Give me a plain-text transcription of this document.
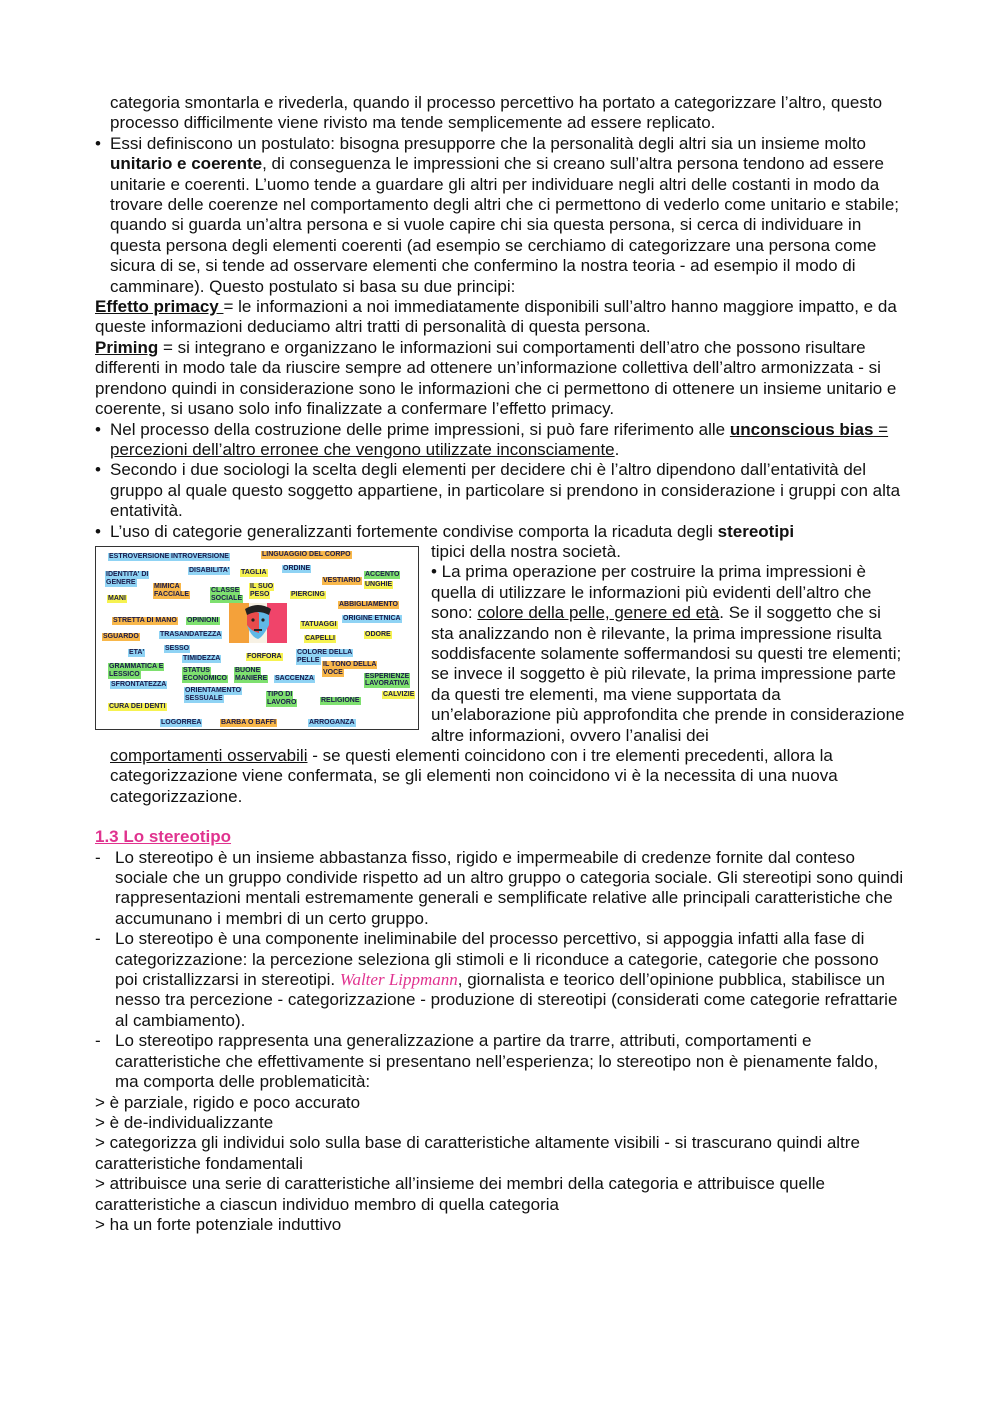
categoria smontarla e rivederla, quando il processo percettivo ha portato a categorizzare l’altro, questo processo difficilmente viene rivisto ma tende semplicemente ad essere replicato.

• Essi definiscono un postulato: bisogna presupporre che la personalità degli altri sia un insieme molto unitario e coerente, di conseguenza le impressioni che si creano sull’altra persona tendono ad essere unitarie e coerenti. L’uomo tende a guardare gli altri per individuare negli altri delle costanti in modo da trovare delle coerenze nel comportamento degli altri che ci permettono di vederlo come unitario e stabile; quando si guarda un’altra persona e si vuole capire chi sia questa persona, si cerca di individuare in questa persona degli elementi coerenti (ad esempio se cerchiamo di categorizzare una persona come sicura di se, si tende ad osservare elementi che confermino la nostra teoria - ad esempio il modo di camminare). Questo postulato si basa su due principi:

Effetto primacy = le informazioni a noi immediatamente disponibili sull’altro hanno maggiore impatto, e da queste informazioni deduciamo altri tratti di personalità di questa persona.

Priming = si integrano e organizzano le informazioni sui comportamenti dell’atro che possono risultare differenti in modo tale da riuscire sempre ad ottenere un’informazione collettiva dell’altro armonizzata - si prendono quindi in considerazione sono le informazioni che ci permettono di ottenere un insieme unitario e coerente, si usano solo info finalizzate a confermare l’effetto primacy.

• Nel processo della costruzione delle prime impressioni, si può fare riferimento alle unconscious bias = percezioni dell’altro erronee che vengono utilizzate inconsciamente.

• Secondo i due sociologi la scelta degli elementi per decidere chi è l’altro dipendono dall’entatività del gruppo al quale questo soggetto appartiene, in particolare si prendono in considerazione i gruppi con alta entatività.

• L’uso di categorie generalizzanti fortemente condivise comporta la ricaduta degli stereotipi

ESTROVERSIONE INTROVERSIONE	LINGUAGGIO DEL CORPO
IDENTITA' DI
GENERE
DISABILITA' TAGLIA
ORDINE
ACCENTO
MIMICA
FACCIALE
CLASSE
SOCIALE
IL SUO
PESO
VESTIARIO
UNGHIE
MANI
PIERCING
ABBIGLIAMENTO
STRETTA DI MANO OPINIONI	ORIGINE ETNICA
TATUAGGI
SGUARDO	TRASANDATEZZA
CAPELLI
ODORE
SESSO
ETA'
TIMIDEZZA	FORFORA
COLORE DELLA
PELLE
IL TONO DELLA
VOCE
GRAMMATICA E
LESSICO
STATUS
ECONOMICO
BUONE
MANIERE SACCENZA	ESPERIENZE
LAVORATIVA
SFRONTATEZZA
ORIENTAMENTO
SESSUALE
TIPO DI
LAVORO
CALVIZIE
RELIGIONE
CURA DEI DENTI
LOGORREA	BARBA O BAFFI	ARROGANZA

tipici della nostra società.

• La prima operazione per costruire la prima impressioni è quella di utilizzare le informazioni più evidenti dell’altro che sono: colore della pelle, genere ed età. Se il soggetto che si sta analizzando non è rilevante, la prima impressione risulta soddisfacente solamente soffermandosi su questi tre elementi; se invece il soggetto è più rilevate, la prima impressione parte da questi tre elementi, ma viene supportata da un’elaborazione più approfondita che prende in considerazione altre informazioni, ovvero l’analisi dei

comportamenti osservabili - se questi elementi coincidono con i tre elementi precedenti, allora la categorizzazione viene confermata, se gli elementi non coincidono vi è la necessita di una nuova categorizzazione.

1.3 Lo stereotipo

- Lo stereotipo è un insieme abbastanza fisso, rigido e impermeabile di credenze fornite dal conteso sociale che un gruppo condivide rispetto ad un altro gruppo o categoria sociale. Gli stereotipi sono quindi rappresentazioni mentali estremamente generali e semplificate relative alle principali caratteristiche che accumunano i membri di un certo gruppo.

- Lo stereotipo è una componente ineliminabile del processo percettivo, si appoggia infatti alla fase di categorizzazione: la percezione seleziona gli stimoli e li riconduce a categorie, categorie che possono poi cristallizzarsi in stereotipi. Walter Lippmann, giornalista e teorico dell’opinione pubblica, stabilisce un nesso tra percezione - categorizzazione - produzione di stereotipi (considerati come categorie refrattarie al cambiamento).

- Lo stereotipo rappresenta una generalizzazione a partire da trarre, attributi, comportamenti e caratteristiche che effettivamente si presentano nell’esperienza; lo stereotipo non è pienamente faldo, ma comporta delle problematicità:

> è parziale, rigido e poco accurato

> è de-individualizzante

> categorizza gli individui solo sulla base di caratteristiche altamente visibili - si trascurano quindi altre caratteristiche fondamentali

> attribuisce una serie di caratteristiche all’insieme dei membri della categoria e attribuisce quelle caratteristiche a ciascun individuo membro di quella categoria

> ha un forte potenziale induttivo
